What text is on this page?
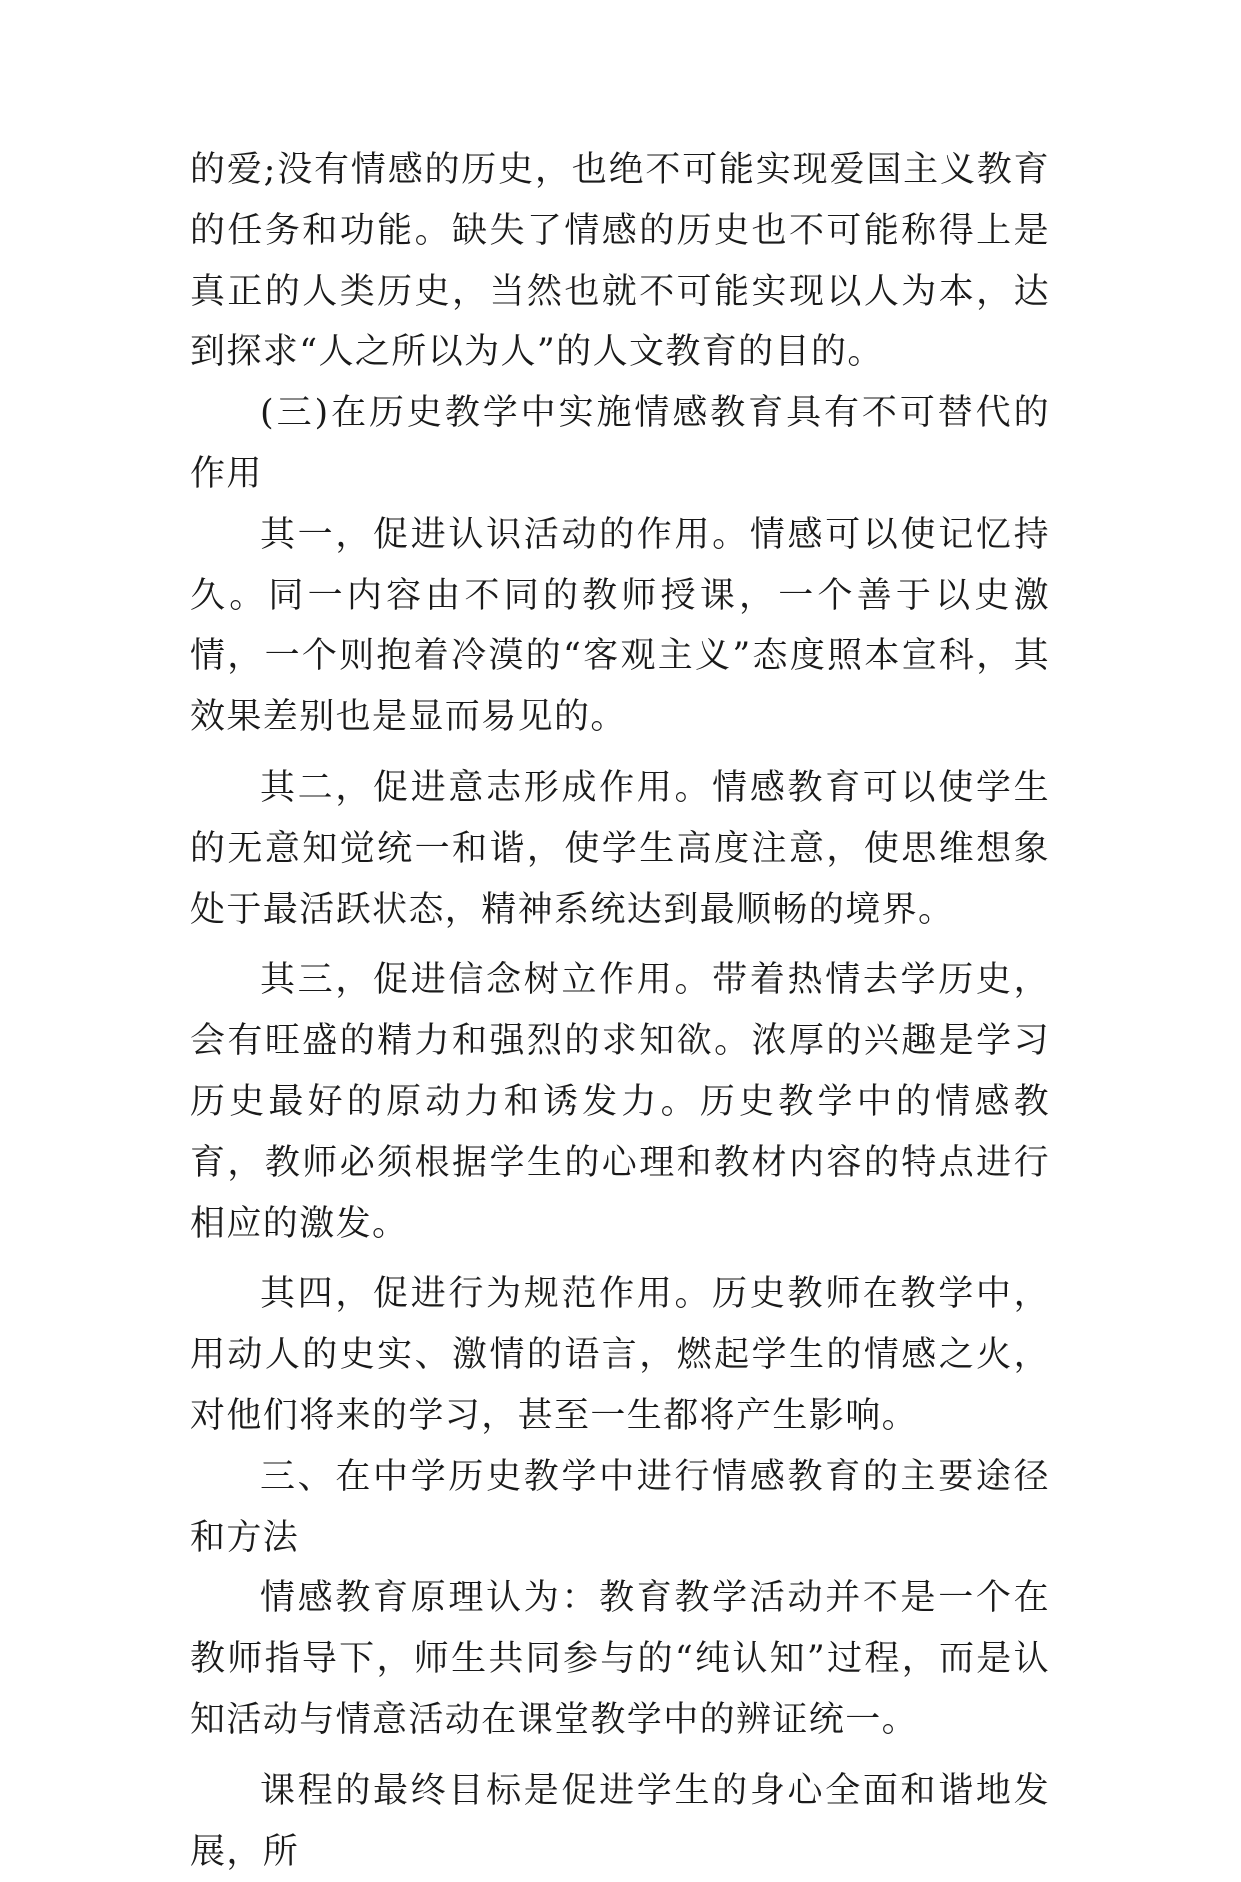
的爱;没有情感的历史，也绝不可能实现爱国主义教育的任务和功能。缺失了情感的历史也不可能称得上是真正的人类历史，当然也就不可能实现以人为本，达到探求“人之所以为人”的人文教育的目的。

(三)在历史教学中实施情感教育具有不可替代的作用

其一，促进认识活动的作用。情感可以使记忆持久。同一内容由不同的教师授课，一个善于以史激情，一个则抱着冷漠的“客观主义”态度照本宣科，其效果差别也是显而易见的。

其二，促进意志形成作用。情感教育可以使学生的无意知觉统一和谐，使学生高度注意，使思维想象处于最活跃状态，精神系统达到最顺畅的境界。

其三，促进信念树立作用。带着热情去学历史，会有旺盛的精力和强烈的求知欲。浓厚的兴趣是学习历史最好的原动力和诱发力。历史教学中的情感教育，教师必须根据学生的心理和教材内容的特点进行相应的激发。

其四，促进行为规范作用。历史教师在教学中，用动人的史实、激情的语言，燃起学生的情感之火，对他们将来的学习，甚至一生都将产生影响。

三、在中学历史教学中进行情感教育的主要途径和方法

情感教育原理认为：教育教学活动并不是一个在教师指导下，师生共同参与的“纯认知”过程，而是认知活动与情意活动在课堂教学中的辨证统一。

课程的最终目标是促进学生的身心全面和谐地发展，所
